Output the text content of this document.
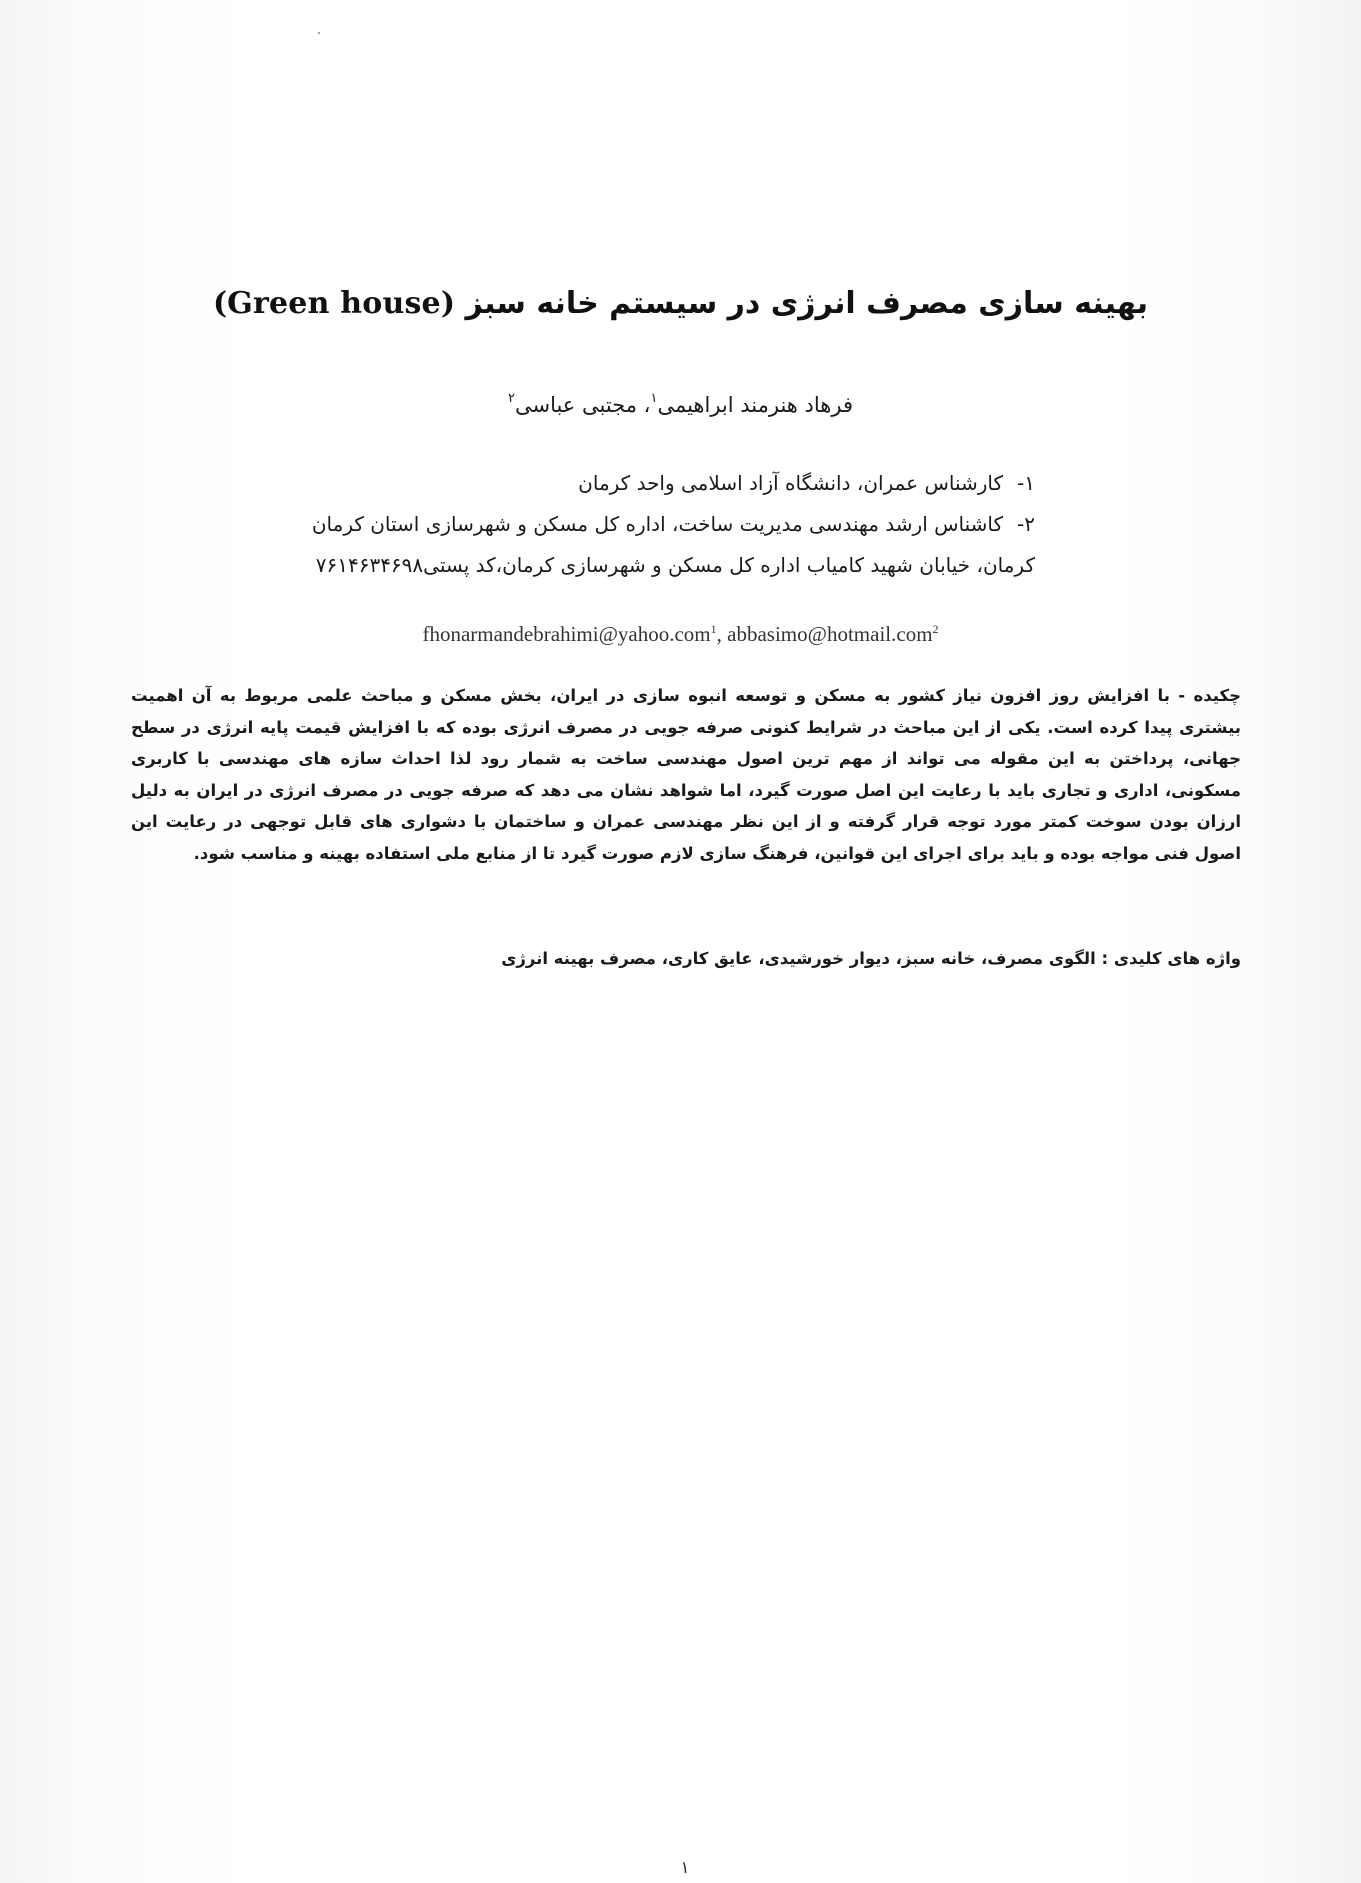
بهینه سازی مصرف انرژی در سیستم خانه سبز (Green house)
فرهاد هنرمند ابراهیمی$^۱$، مجتبی عباسی$^۲$
۱-کارشناس عمران، دانشگاه آزاد اسلامی واحد کرمان
۲-کاشناس ارشد مهندسی مدیریت ساخت، اداره کل مسکن و شهرسازی استان کرمان
کرمان، خیابان شهید کامیاب اداره کل مسکن و شهرسازی کرمان،کد پستی۷۶۱۴۶۳۴۶۹۸
fhonarmandebrahimi@yahoo.com$^1$, abbasimo@hotmail.com$^2$
چکیده - با افزایش روز افزون نیاز کشور به مسکن و توسعه انبوه سازی در ایران، بخش مسکن و مباحث علمی مربوط به آن اهمیت بیشتری پیدا کرده است. یکی از این مباحث در شرایط کنونی صرفه جویی در مصرف انرژی بوده که با افزایش قیمت پایه انرژی در سطح جهانی، پرداختن به این مقوله می تواند از مهم ترین اصول مهندسی ساخت به شمار رود لذا احداث سازه های مهندسی با کاربری مسکونی، اداری و تجاری باید با رعایت این اصل صورت گیرد، اما شواهد نشان می دهد که صرفه جویی در مصرف انرژی در ایران به دلیل ارزان بودن سوخت کمتر مورد توجه قرار گرفته و از این نظر مهندسی عمران و ساختمان با دشواری های قابل توجهی در رعایت این اصول فنی مواجه بوده و باید برای اجرای این قوانین، فرهنگ سازی لازم صورت گیرد تا از منابع ملی استفاده بهینه و مناسب شود.
واژه های کلیدی : الگوی مصرف، خانه سبز، دیوار خورشیدی، عایق کاری، مصرف بهینه انرژی
۱
